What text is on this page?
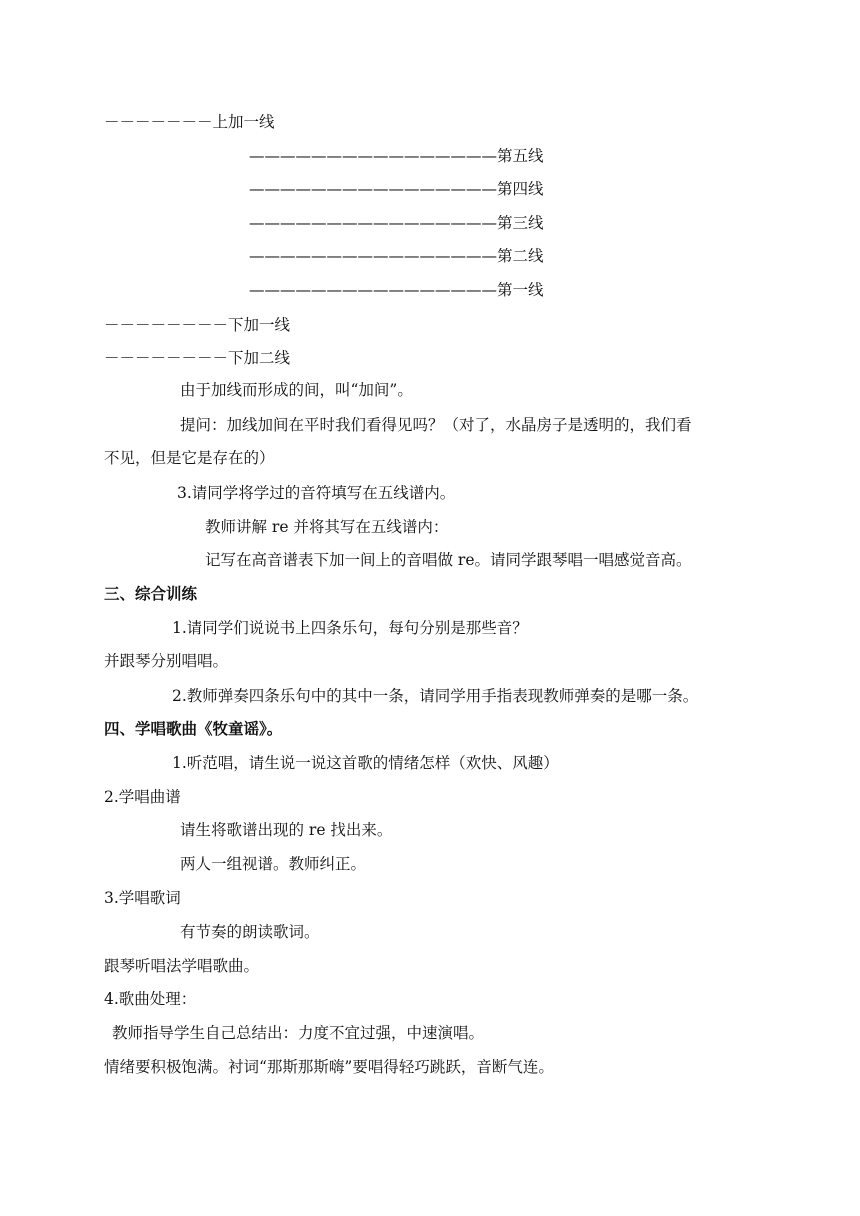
－－－－－－－上加一线
————————————————第五线
————————————————第四线
————————————————第三线
————————————————第二线
————————————————第一线
－－－－－－－－下加一线
－－－－－－－－下加二线
由于加线而形成的间，叫“加间”。
提问：加线加间在平时我们看得见吗？（对了，水晶房子是透明的，我们看
不见，但是它是存在的）
3.请同学将学过的音符填写在五线谱内。
教师讲解 re 并将其写在五线谱内：
记写在高音谱表下加一间上的音唱做 re。请同学跟琴唱一唱感觉音高。
三、综合训练
1.请同学们说说书上四条乐句，每句分别是那些音？
并跟琴分别唱唱。
2.教师弹奏四条乐句中的其中一条，请同学用手指表现教师弹奏的是哪一条。
四、学唱歌曲《牧童谣》。
1.听范唱，请生说一说这首歌的情绪怎样（欢快、风趣）
2.学唱曲谱
请生将歌谱出现的 re 找出来。
两人一组视谱。教师纠正。
3.学唱歌词
有节奏的朗读歌词。
跟琴听唱法学唱歌曲。
4.歌曲处理：
教师指导学生自己总结出：力度不宜过强，中速演唱。
情绪要积极饱满。衬词“那斯那斯嗨”要唱得轻巧跳跃，音断气连。
